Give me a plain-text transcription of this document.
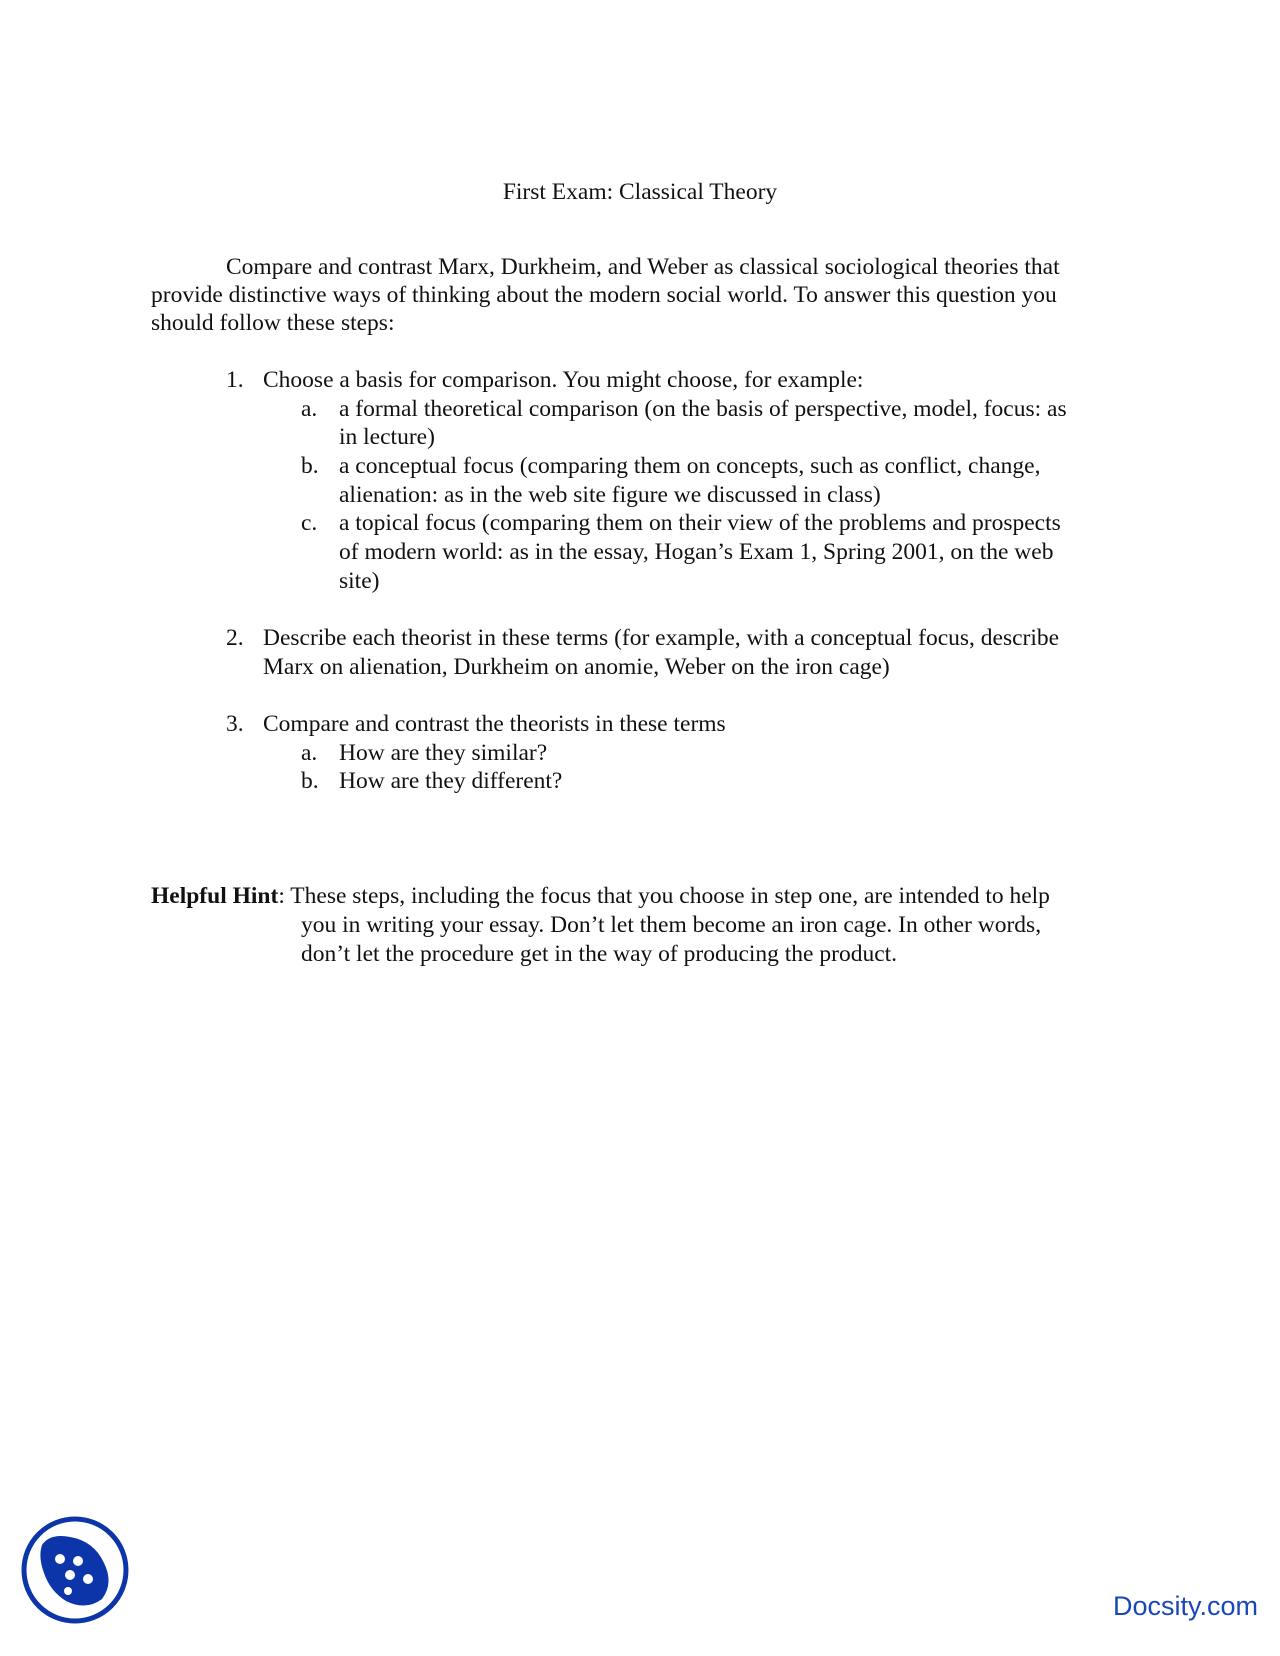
First Exam: Classical Theory
Compare and contrast Marx, Durkheim, and Weber as classical sociological theories that
provide distinctive ways of thinking about the modern social world. To answer this question you
should follow these steps:
1. Choose a basis for comparison. You might choose, for example:
a. a formal theoretical comparison (on the basis of perspective, model, focus: as
in lecture)
b. a conceptual focus (comparing them on concepts, such as conflict, change,
alienation: as in the web site figure we discussed in class)
c. a topical focus (comparing them on their view of the problems and prospects
of modern world: as in the essay, Hogan’s Exam 1, Spring 2001, on the web
site)
2. Describe each theorist in these terms (for example, with a conceptual focus, describe
Marx on alienation, Durkheim on anomie, Weber on the iron cage)
3. Compare and contrast the theorists in these terms
a. How are they similar?
b. How are they different?
Helpful Hint: These steps, including the focus that you choose in step one, are intended to help
you in writing your essay. Don’t let them become an iron cage. In other words,
don’t let the procedure get in the way of producing the product.
Docsity.com
